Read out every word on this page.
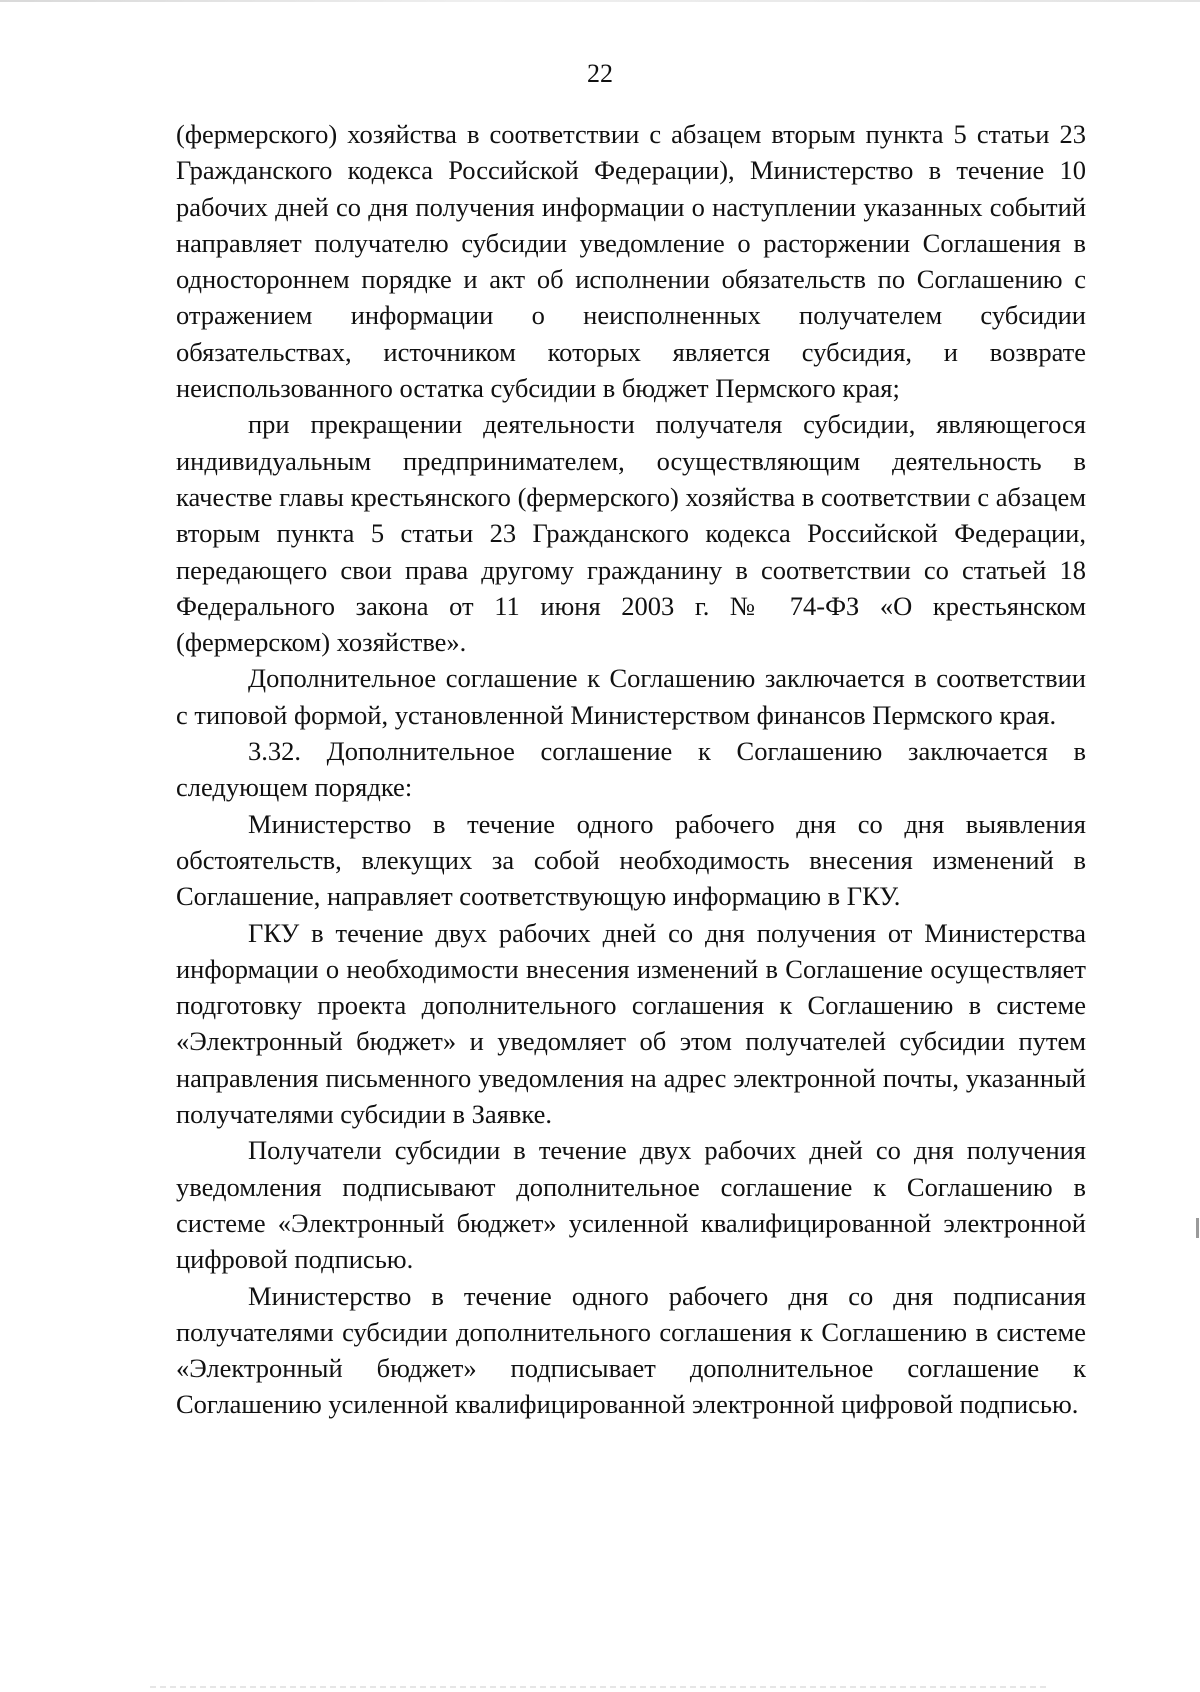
22

(фермерского) хозяйства в соответствии с абзацем вторым пункта 5 статьи 23 Гражданского кодекса Российской Федерации), Министерство в течение 10 рабочих дней со дня получения информации о наступлении указанных событий направляет получателю субсидии уведомление о расторжении Соглашения в одностороннем порядке и акт об исполнении обязательств по Соглашению с отражением информации о неисполненных получателем субсидии обязательствах, источником которых является субсидия, и возврате неиспользованного остатка субсидии в бюджет Пермского края;

при прекращении деятельности получателя субсидии, являющегося индивидуальным предпринимателем, осуществляющим деятельность в качестве главы крестьянского (фермерского) хозяйства в соответствии с абзацем вторым пункта 5 статьи 23 Гражданского кодекса Российской Федерации, передающего свои права другому гражданину в соответствии со статьей 18 Федерального закона от 11 июня 2003 г. № 74-ФЗ «О крестьянском (фермерском) хозяйстве».

Дополнительное соглашение к Соглашению заключается в соответствии с типовой формой, установленной Министерством финансов Пермского края.

3.32. Дополнительное соглашение к Соглашению заключается в следующем порядке:

Министерство в течение одного рабочего дня со дня выявления обстоятельств, влекущих за собой необходимость внесения изменений в Соглашение, направляет соответствующую информацию в ГКУ.

ГКУ в течение двух рабочих дней со дня получения от Министерства информации о необходимости внесения изменений в Соглашение осуществляет подготовку проекта дополнительного соглашения к Соглашению в системе «Электронный бюджет» и уведомляет об этом получателей субсидии путем направления письменного уведомления на адрес электронной почты, указанный получателями субсидии в Заявке.

Получатели субсидии в течение двух рабочих дней со дня получения уведомления подписывают дополнительное соглашение к Соглашению в системе «Электронный бюджет» усиленной квалифицированной электронной цифровой подписью.

Министерство в течение одного рабочего дня со дня подписания получателями субсидии дополнительного соглашения к Соглашению в системе «Электронный бюджет» подписывает дополнительное соглашение к Соглашению усиленной квалифицированной электронной цифровой подписью.
